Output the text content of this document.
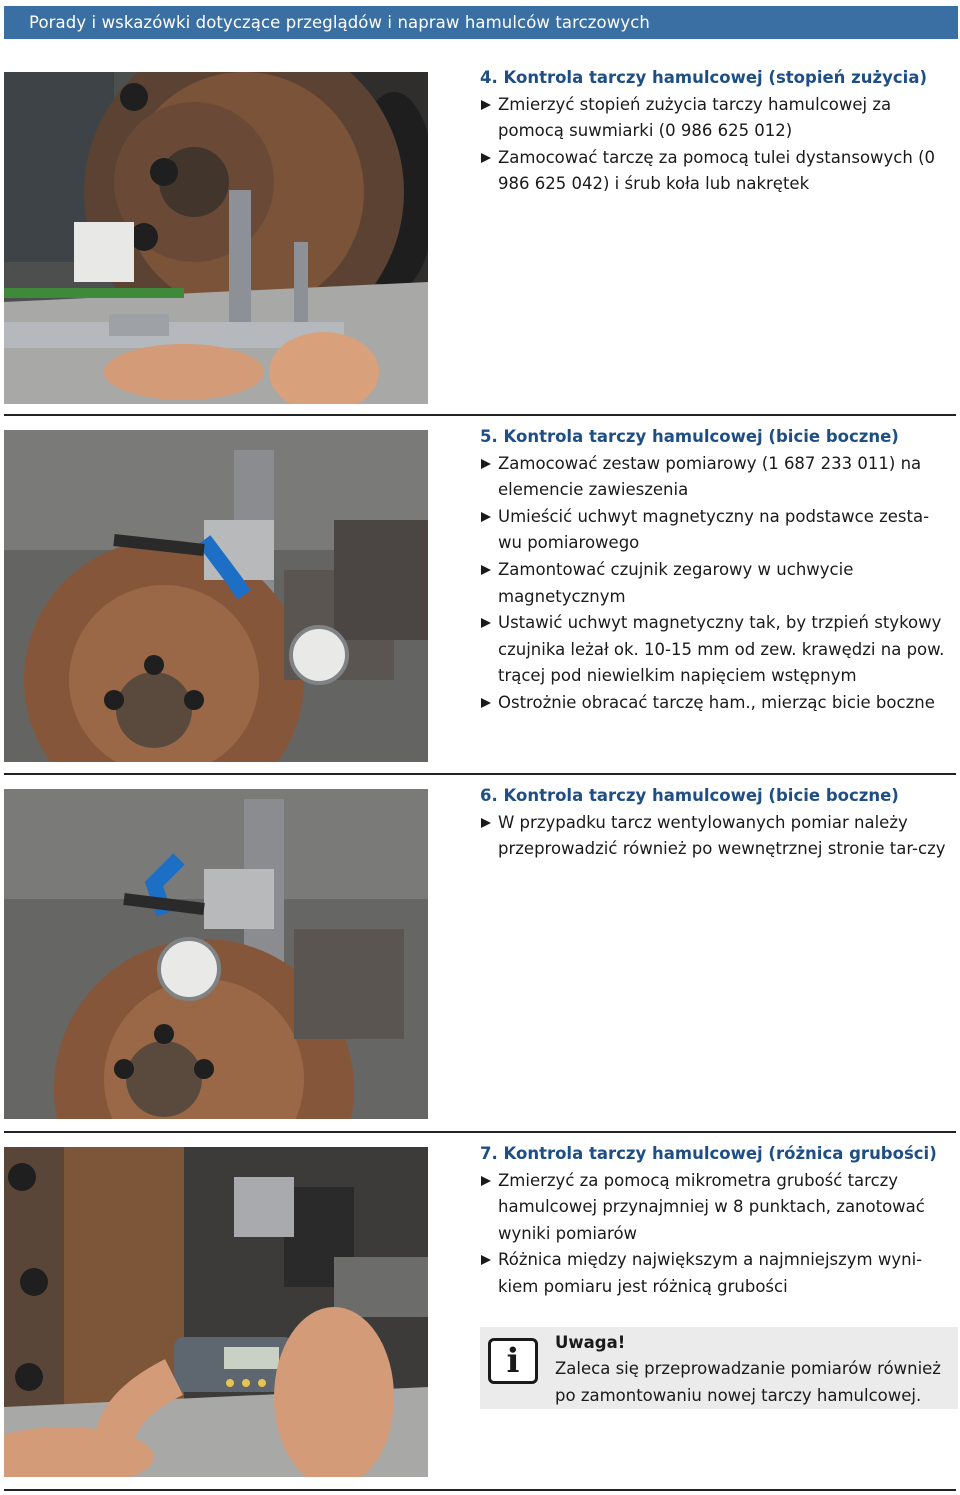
Porady i wskazówki dotyczące przeglądów i napraw hamulców tarczowych

4. Kontrola tarczy hamulcowej (stopień zużycia)

Zmierzyć stopień zużycia tarczy hamulcowej za pomocą suwmiarki (0 986 625 012)
Zamocować tarczę za pomocą tulei dystansowych (0 986 625 042) i śrub koła lub nakrętek

5. Kontrola tarczy hamulcowej (bicie boczne)

Zamocować zestaw pomiarowy (1 687 233 011) na elemencie zawieszenia
Umieścić uchwyt magnetyczny na podstawce zesta-wu pomiarowego
Zamontować czujnik zegarowy w uchwycie magnetycznym
Ustawić uchwyt magnetyczny tak, by trzpień stykowy czujnika leżał ok. 10-15 mm od zew. krawędzi na pow. trącej pod niewielkim napięciem wstępnym
Ostrożnie obracać tarczę ham., mierząc bicie boczne

6. Kontrola tarczy hamulcowej (bicie boczne)

W przypadku tarcz wentylowanych pomiar należy przeprowadzić również po wewnętrznej stronie tar-czy

7. Kontrola tarczy hamulcowej (różnica grubości)

Zmierzyć za pomocą mikrometra grubość tarczy hamulcowej przynajmniej w 8 punktach, zanotować wyniki pomiarów
Różnica między największym a najmniejszym wyni-kiem pomiaru jest różnicą grubości
i Uwaga!
Zaleca się przeprowadzanie pomiarów również po zamontowaniu nowej tarczy hamulcowej.
